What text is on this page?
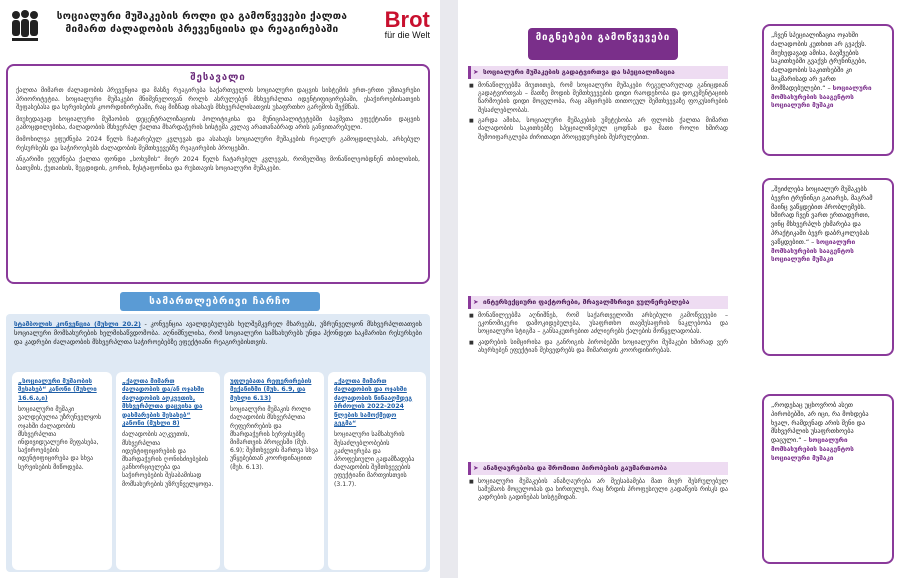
სოციალური მუშაკების როლი და გამოწვევები ქალთა მიმართ ძალადობის პრევენციისა და რეაგირებაში	Brot
für die Welt
შესავალი

ქალთა მიმართ ძალადობის პრევენცია და მასზე რეაგირება საქართველოს სოციალური დაცვის სისტემის ერთ-ერთი უმთავრესი პრიორიტეტია. სოციალური მუშაკები მნიშვნელოვან როლს ასრულებენ მსხვერპლთა იდენტიფიცირებაში, ესაჭიროებისათვის შეფასებასა და სერვისების კოორდინირებაში, რაც მიზნად ისახავს მსხვერპლისათვის უსაფრთხო გარემოს შექმნას.

მიუხედავად სოციალური მუშაობის დეცენტრალიზაციის პოლიტიკისა და მუნიციპალიტეტებში ბავშვთა ეფექტიანი დაცვის გამოცდილებისა, ძალადობის მსხვერპლ ქალთა მხარდაჭერის სისტემა კვლავ არათანაბრად არის განვითარებული.

მიმოხილვა ეფუძნება 2024 წელს ჩატარებულ კვლევას და ასახავს სოციალური მუშაკების რეალურ გამოცდილებას, არსებულ რესურსებს და საჭიროებებს ძალადობის შემთხვევებზე რეაგირების პროცესში.

ანგარიში ეფუძნება ქალთა ფონდი „სოხუმის“ მიერ 2024 წელს ჩატარებულ კვლევას, რომელშიც მონაწილეობდნენ თბილისის, ბათუმის, ქუთაისის, ზუგდიდის, გორის, ზესტაფონისა და რუსთავის სოციალური მუშაკები.

სამართლებრივი ჩარჩო
სტამბოლის კონვენცია (მუხლი 20.2) - კონვენცია ავალდებულებს ხელშემკვრელ მხარეებს, უზრუნველყონ მსხვერპლთათვის სოციალური მომსახურების ხელმისაწვდომობა. აღნიშნულისა, რომ სოციალური სამსახურებს უნდა ჰქონდეთ საკმარისი რესურსები და კადრები ძალადობის მსხვერპლთა საჭიროებებზე ეფექტიანი რეაგირებისთვის.
„სოციალური მუშაობის შესახებ“ კანონი (მუხლი 16.6.ა,ი)
სოციალური მუშაკი ვალდებულია უზრუნველყოს ოჯახში ძალადობის მსხვერპლთა ინდივიდუალური შეფასება, საჭიროებების იდენტიფიცირება და სხვა სერვისების მიწოდება.
„ქალთა მიმართ ძალადობის და/ან ოჯახში ძალადობის აღკვეთის, მსხვერპლთა დაცვისა და დახმარების შესახებ“ კანონი (მუხლი 8)
ძალადობის აღკვეთის, მსხვერპლთა იდენტიფიცირების და მხარდაჭერის ღონისძიებების განხორციელება და საჭიროებების შესაბამისად მომსახურების უზრუნველყოფა.
უფლებათა რეფერირების მექანიზმი (მუხ. 6.9, და მუხლი 6.13)
სოციალური მუშაკის როლი ძალადობის მსხვერპლთა რეფერირების და მხარდაჭერის სერვისებზე მიმართვის პროცესში (მუხ. 6.9); შემთხვევის მართვა სხვა უწყებებთან კოორდინაციით (მუხ. 6.13).
„ქალთა მიმართ ძალადობის და ოჯახში ძალადობის წინააღმდეგ ბრძოლის 2022-2024 წლების სამოქმედო გეგმა“
სოციალური სამსახურის შესაძლებლობების გაძლიერება და პროფესიული გადამზადება ძალადობის შემთხვევების ეფექტიანი მართვისთვის (3.1.7).
მიგნებები გამოწვევები
➤ სოციალური მუშაკების გადატვირთვა და სპეციალიზაცია
■ მონაწილეებმა მიუთითეს, რომ სოციალური მუშაკები რეგულარულად განიცდიან გადატვირთვას – მათზე მოდის შემთხვევების დიდი რაოდენობა და დოკუმენტაციის წარმოების დიდი მოცულობა, რაც ამცირებს თითოეულ შემთხვევაზე ფოკუსირების შესაძლებლობას.
■ გარდა ამისა, სოციალური მუშაკების უმეტესობა არ ფლობს ქალთა მიმართ ძალადობის საკითხებზე სპეციალიზებულ ცოდნას და მათი როლი ხშირად შემოიფარგლება ძირითადი პროცედურების შესრულებით.
➤ ინტერსექციური ფაქტორები, მრავალმხრივი ვულნერებლება
■ მონაწილეებმა აღნიშნეს, რომ საქართველოში არსებული გამოწვევები – ეკონომიკური დამოკიდებულება, უსაფრთხო თავშესაფრის ნაკლებობა და სოციალური სტიგმა – განსაკუთრებით აძლიერებს ქალების მოწყვლადობას.
■ კადრების სიმცირისა და განრიგის პირობებში სოციალური მუშაკები ხშირად ვერ ახერხებენ ეფექტიან შეხვედრებს და მიმართვის კოორდინირებას.
➤ ანაზღაურებისა და შრომითი პირობების გაუმართაობა
■ სოციალური მუშაკების ანაზღაურება არ შეესაბამება მათ მიერ შესრულებულ სამუშაოს მოცულობას და სირთულეს, რაც ზრდის პროფესიული გადაწვის რისკს და კადრების გადინებას სისტემიდან.
„ჩვენ სპეციალიზაცია ოჯახში ძალადობის კუთხით არ გვაქვს. მიუხედავად ამისა, ბავშვების საკითხებში გვაქვს ტრენინგები, ძალადობის საკითხებში კი საკმარისად არ ვართ მომზადებულები.“ – სოციალური მომსახურების სააგენტოს სოციალური მუშაკი
„შეიძლება სოციალურ მუშაკებს ბევრი ტრენინგი გაიარეს, მაგრამ მაინც ვაწყდებით პრობლემებს. ხშირად ჩვენ ვართ ერთადერთი, ვინც მსხვერპლს ეხმარება და პრაქტიკაში ბევრ დაბრკოლებას ვაწყდებით.“ – სოციალური მომსახურების სააგენტოს სოციალური მუშაკი
„როდესაც უცხოვრობ ასეთ პირობებში, არ იცი, რა მოხდება ხვალ, რამდენად არის შენი და მსხვერპლის უსაფრთხოება დაცული.“ – სოციალური მომსახურების სააგენტოს სოციალური მუშაკი
